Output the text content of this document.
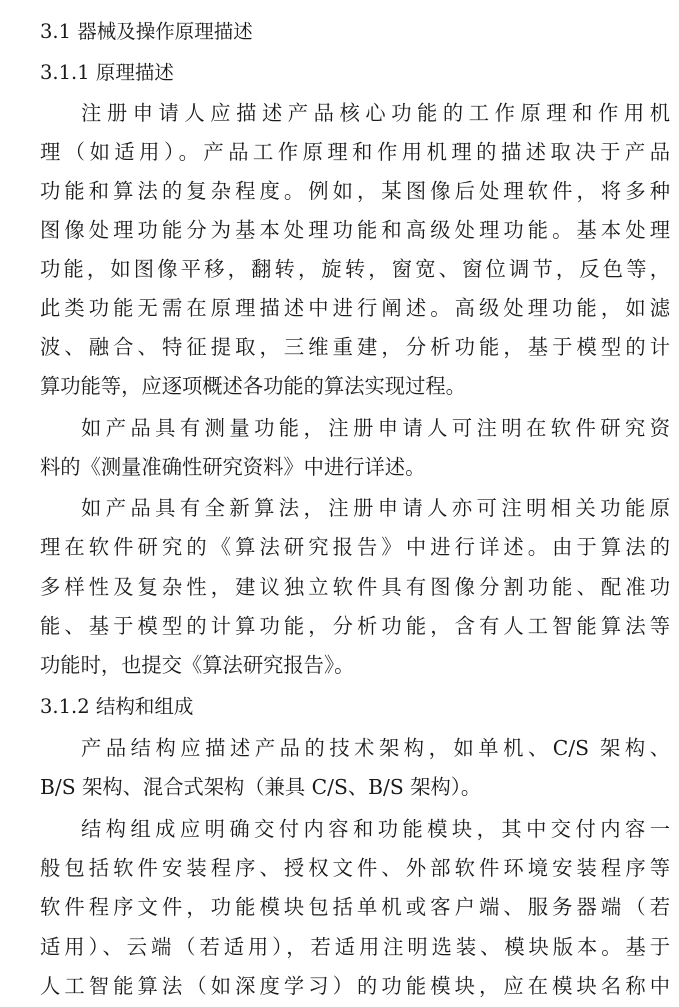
3.1 器械及操作原理描述
3.1.1 原理描述
注册申请人应描述产品核心功能的工作原理和作用机
理（如适用）。产品工作原理和作用机理的描述取决于产品
功能和算法的复杂程度。例如，某图像后处理软件，将多种
图像处理功能分为基本处理功能和高级处理功能。基本处理
功能，如图像平移，翻转，旋转，窗宽、窗位调节，反色等，
此类功能无需在原理描述中进行阐述。高级处理功能，如滤
波、融合、特征提取，三维重建，分析功能，基于模型的计
算功能等，应逐项概述各功能的算法实现过程。
如产品具有测量功能，注册申请人可注明在软件研究资
料的《测量准确性研究资料》中进行详述。
如产品具有全新算法，注册申请人亦可注明相关功能原
理在软件研究的《算法研究报告》中进行详述。由于算法的
多样性及复杂性，建议独立软件具有图像分割功能、配准功
能、基于模型的计算功能，分析功能，含有人工智能算法等
功能时，也提交《算法研究报告》。
3.1.2 结构和组成
产品结构应描述产品的技术架构，如单机、C/S 架构、
B/S 架构、混合式架构（兼具 C/S、B/S 架构）。
结构组成应明确交付内容和功能模块，其中交付内容一
般包括软件安装程序、授权文件、外部软件环境安装程序等
软件程序文件，功能模块包括单机或客户端、服务器端（若
适用）、云端（若适用），若适用注明选装、模块版本。基于
人工智能算法（如深度学习）的功能模块，应在模块名称中
